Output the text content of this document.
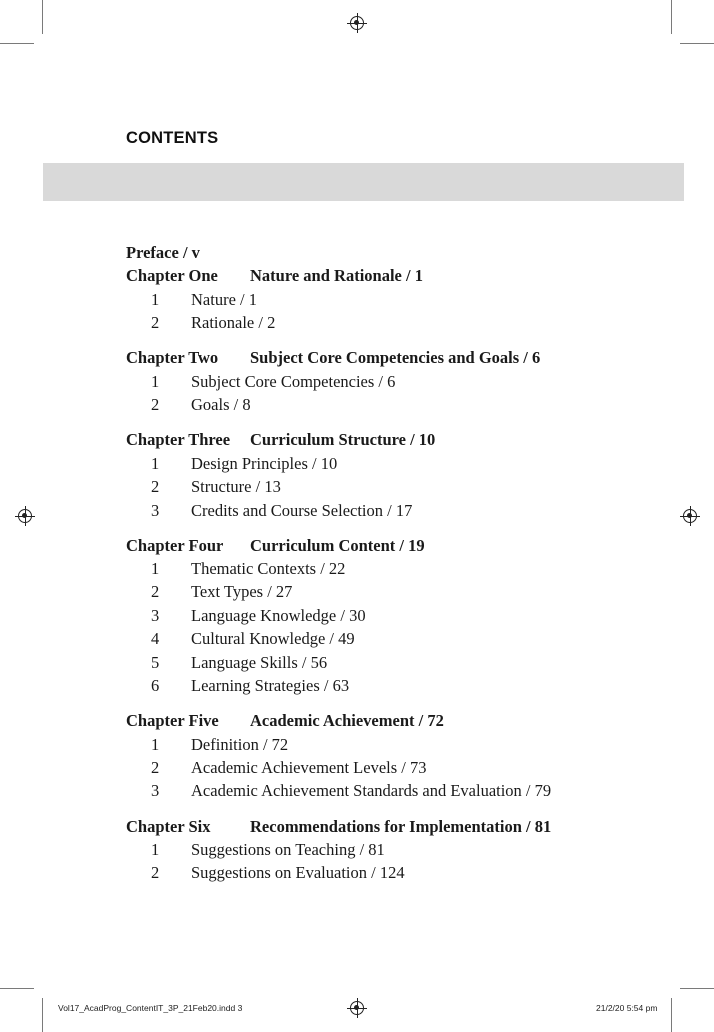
CONTENTS
Preface / v
Chapter One Nature and Rationale / 1
1 Nature / 1
2 Rationale / 2
Chapter Two Subject Core Competencies and Goals / 6
1 Subject Core Competencies / 6
2 Goals / 8
Chapter Three Curriculum Structure / 10
1 Design Principles / 10
2 Structure / 13
3 Credits and Course Selection / 17
Chapter Four Curriculum Content / 19
1 Thematic Contexts / 22
2 Text Types / 27
3 Language Knowledge / 30
4 Cultural Knowledge / 49
5 Language Skills / 56
6 Learning Strategies / 63
Chapter Five Academic Achievement / 72
1 Definition / 72
2 Academic Achievement Levels / 73
3 Academic Achievement Standards and Evaluation / 79
Chapter Six Recommendations for Implementation / 81
1 Suggestions on Teaching / 81
2 Suggestions on Evaluation / 124
Vol17_AcadProg_ContentIT_3P_21Feb20.indd 3	21/2/20 5:54 pm
